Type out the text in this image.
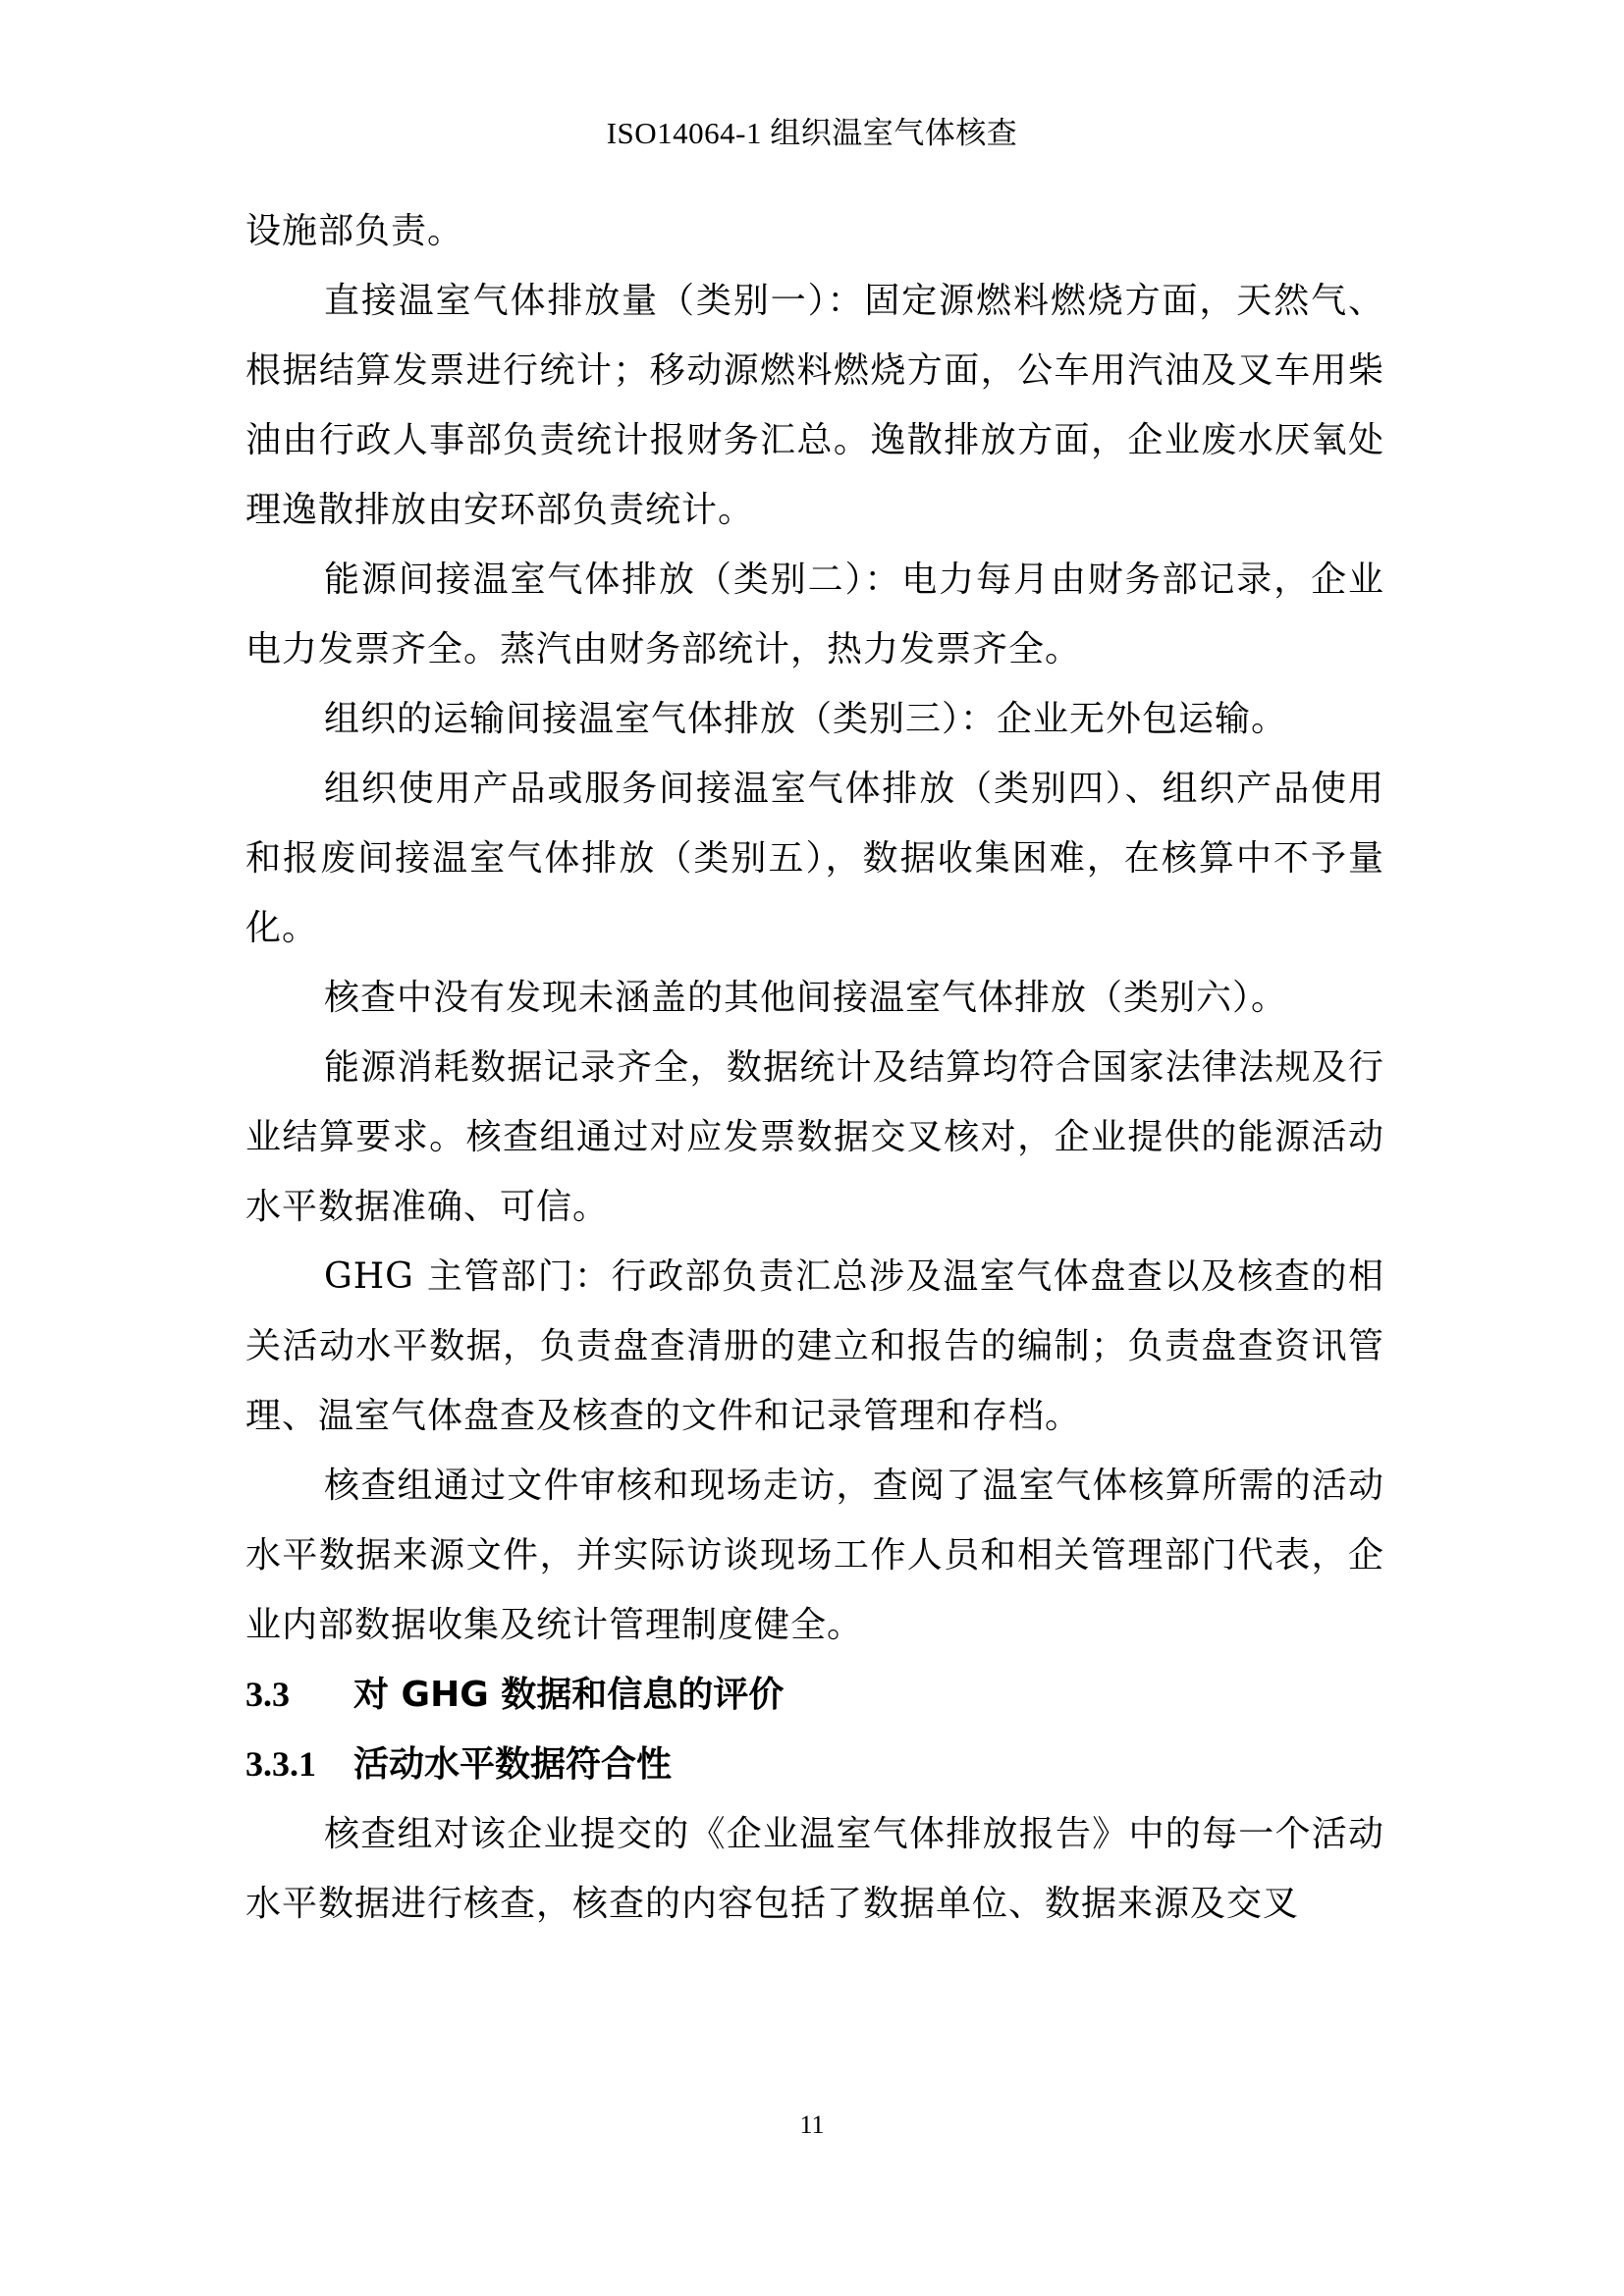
ISO14064-1 组织温室气体核查

设施部负责。

直接温室气体排放量（类别一）：固定源燃料燃烧方面，天然气、根据结算发票进行统计；移动源燃料燃烧方面，公车用汽油及叉车用柴油由行政人事部负责统计报财务汇总。逸散排放方面，企业废水厌氧处理逸散排放由安环部负责统计。

能源间接温室气体排放（类别二）：电力每月由财务部记录，企业电力发票齐全。蒸汽由财务部统计，热力发票齐全。

组织的运输间接温室气体排放（类别三）：企业无外包运输。

组织使用产品或服务间接温室气体排放（类别四）、组织产品使用和报废间接温室气体排放（类别五），数据收集困难，在核算中不予量化。

核查中没有发现未涵盖的其他间接温室气体排放（类别六）。

能源消耗数据记录齐全，数据统计及结算均符合国家法律法规及行业结算要求。核查组通过对应发票数据交叉核对，企业提供的能源活动水平数据准确、可信。

GHG 主管部门：行政部负责汇总涉及温室气体盘查以及核查的相关活动水平数据，负责盘查清册的建立和报告的编制；负责盘查资讯管理、温室气体盘查及核查的文件和记录管理和存档。

核查组通过文件审核和现场走访，查阅了温室气体核算所需的活动水平数据来源文件，并实际访谈现场工作人员和相关管理部门代表，企业内部数据收集及统计管理制度健全。

3.3 对 GHG 数据和信息的评价
3.3.1 活动水平数据符合性

核查组对该企业提交的《企业温室气体排放报告》中的每一个活动水平数据进行核查，核查的内容包括了数据单位、数据来源及交叉

11
